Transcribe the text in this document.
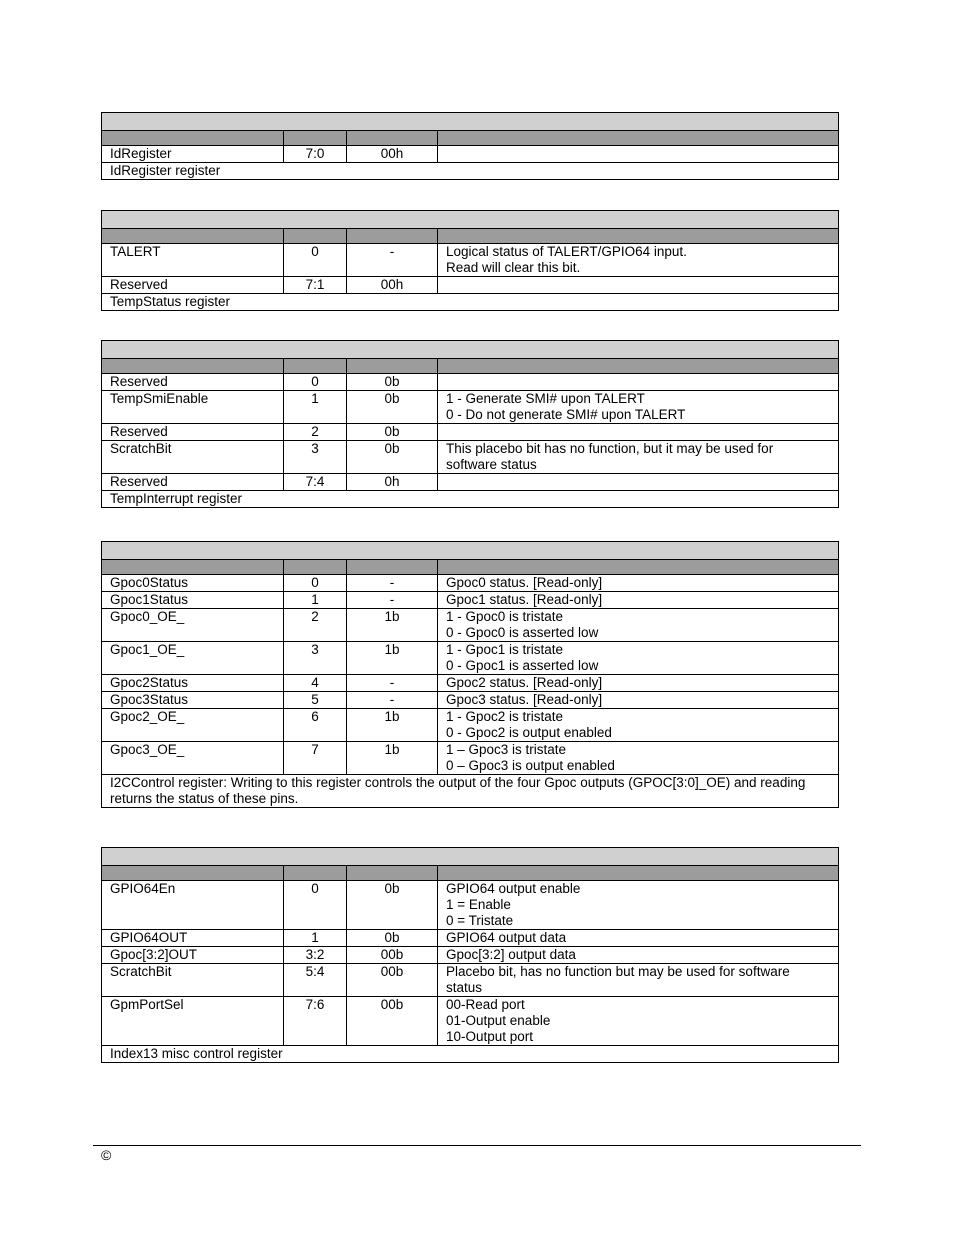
IdRegister	7:0	00h	
IdRegister register			

TALERT	0	-	Logical status of TALERT/GPIO64 input.
Read will clear this bit.

Reserved	7:1	00h	
TempStatus register			

Reserved	0	0b	
TempSmiEnable	1	0b	1 - Generate SMI# upon TALERT
0 - Do not generate SMI# upon TALERT

Reserved	2	0b	
ScratchBit	3	0b	This placebo bit has no function, but it may be used for
software status

Reserved	7:4	0h	
TempInterrupt register			

Gpoc0Status	0	-	Gpoc0 status. [Read-only]

Gpoc1Status	1	-	Gpoc1 status. [Read-only]

Gpoc0_OE_	2	1b	1 - Gpoc0 is tristate
0 - Gpoc0 is asserted low

Gpoc1_OE_	3	1b	1 - Gpoc1 is tristate
0 - Gpoc1 is asserted low

Gpoc2Status	4	-	Gpoc2 status. [Read-only]

Gpoc3Status	5	-	Gpoc3 status. [Read-only]

Gpoc2_OE_	6	1b	1 - Gpoc2 is tristate
0 - Gpoc2 is output enabled

Gpoc3_OE_	7	1b	1 – Gpoc3 is tristate
0 – Gpoc3 is output enabled

I2CControl register: Writing to this register controls the output of the four Gpoc outputs (GPOC[3:0]_OE) and reading returns the status of these pins.			

GPIO64En	0	0b	GPIO64 output enable
1 = Enable
0 = Tristate

GPIO64OUT	1	0b	GPIO64 output data

Gpoc[3:2]OUT	3:2	00b	Gpoc[3:2] output data

ScratchBit	5:4	00b	Placebo bit, has no function but may be used for software
status

GpmPortSel	7:6	00b	00-Read port
01-Output enable
10-Output port

Index13 misc control register			
©
